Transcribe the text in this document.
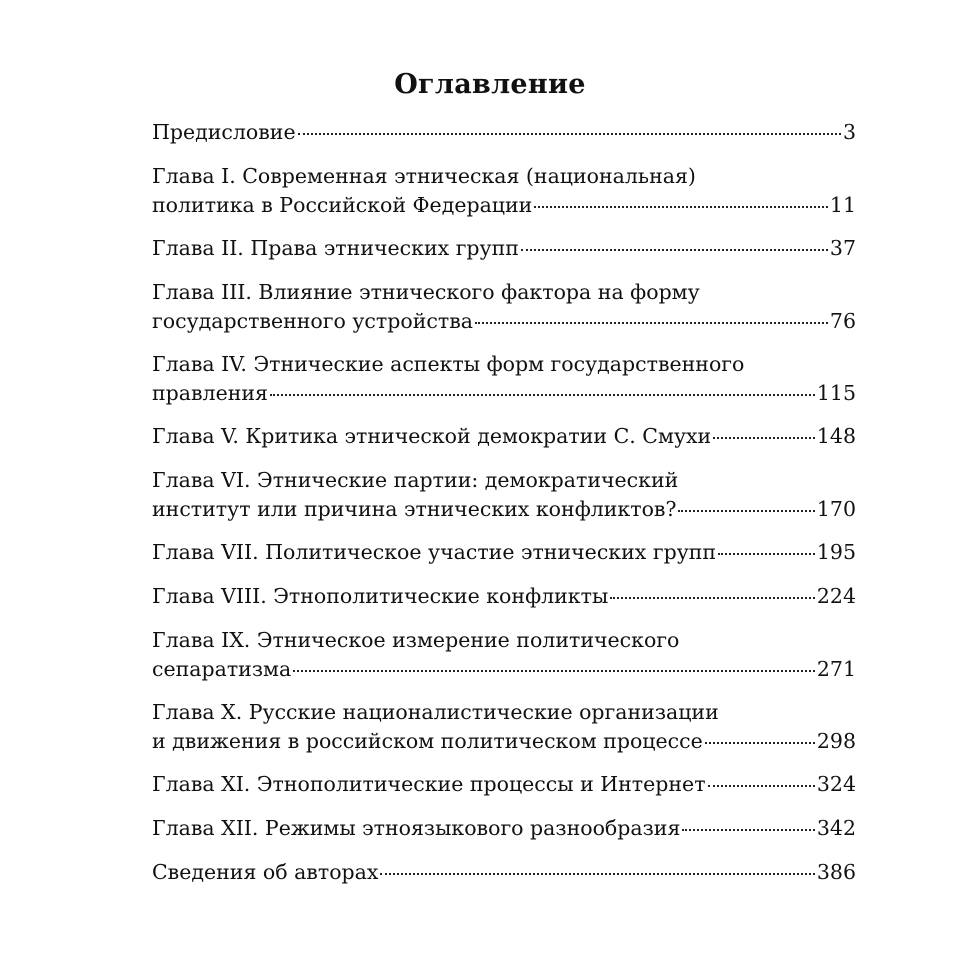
Оглавление
Предисловие	3
Глава I. Современная этническая (национальная)
политика в Российской Федерации	11
Глава II. Права этнических групп	37
Глава III. Влияние этнического фактора на форму
государственного устройства	76
Глава IV. Этнические аспекты форм государственного
правления	115
Глава V. Критика этнической демократии С. Смухи	148
Глава VI. Этнические партии: демократический
институт или причина этнических конфликтов?	170
Глава VII. Политическое участие этнических групп	195
Глава VIII. Этнополитические конфликты	224
Глава IX. Этническое измерение политического
сепаратизма	271
Глава X. Русские националистические организации
и движения в российском политическом процессе	298
Глава XI. Этнополитические процессы и Интернет	324
Глава XII. Режимы этноязыкового разнообразия	342
Сведения об авторах	386
